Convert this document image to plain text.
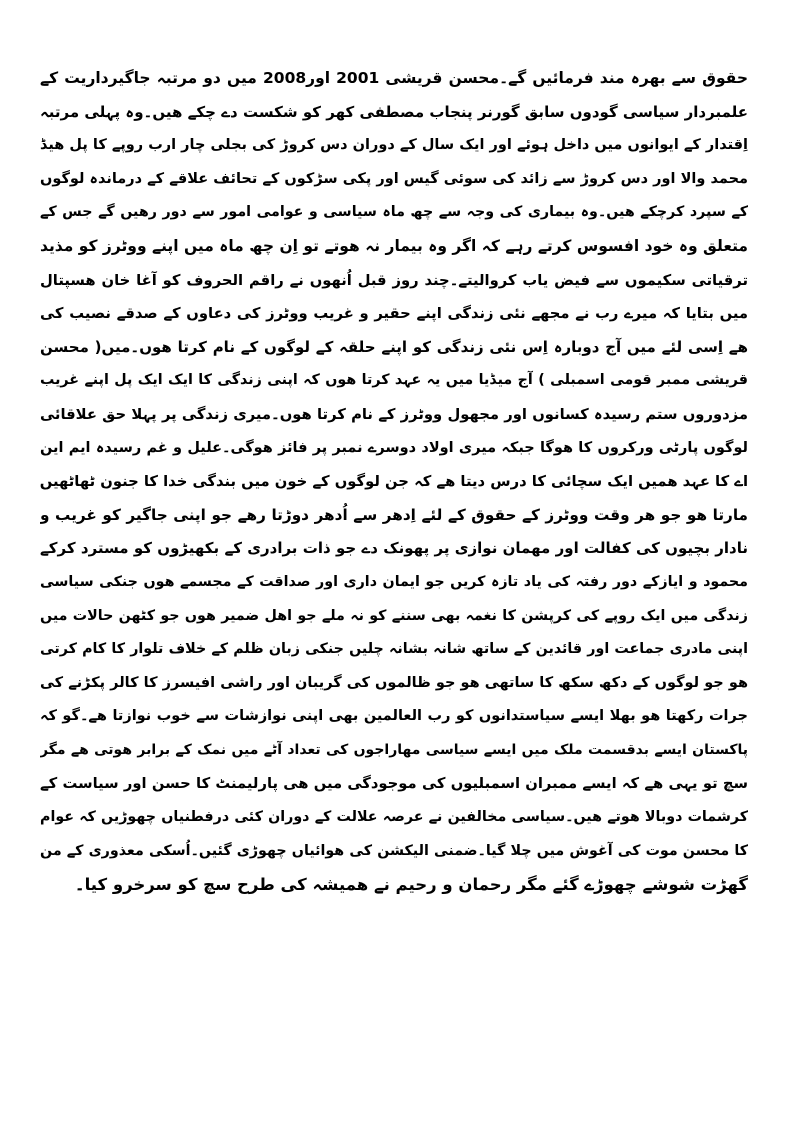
حقوق سے بھرہ مند فرمائیں گے۔محسن قریشی 2001 اور2008 میں دو مرتبہ جاگیرداریت کے
علمبردار سیاسی گودوں سابق گورنر پنجاب مصطفی کھر کو شکست دے چکے ھیں۔وہ پہلی مرتبہ
اِقتدار کے ایوانوں میں داخل ہوئے اور ایک سال کے دوران دس کروڑ کی بجلی چار ارب روپے کا پل ھیڈ
محمد والا اور دس کروڑ سے زائد کی سوئی گیس اور پکی سڑکوں کے تحائف علاقے کے درماندہ لوگوں
کے سپرد کرچکے ھیں۔وہ بیماری کی وجہ سے چھ ماہ سیاسی و عوامی امور سے دور رھیں گے جس کے
متعلق وہ خود افسوس کرتے رہے کہ اگر وہ بیمار نہ ھوتے تو اِن چھ ماہ میں اپنے ووٹرز کو مذید
ترقیاتی سکیموں سے فیض یاب کروالیتے۔چند روز قبل اُنھوں نے راقم الحروف کو آغا خان ھسپتال
میں بتایا کہ میرے رب نے مجھے نئی زندگی اپنے حقیر و غریب ووٹرز کی دعاوں کے صدقے نصیب کی
ھے اِسی لئے میں آج دوبارہ اِس نئی زندگی کو اپنے حلقہ کے لوگوں کے نام کرتا ھوں۔میں( محسن
قریشی ممبر قومی اسمبلی ) آج میڈیا میں یہ عہد کرتا ھوں کہ اپنی زندگی کا ایک ایک پل اپنے غریب
مزدوروں ستم رسیدہ کسانوں اور مجھول ووٹرز کے نام کرتا ھوں۔میری زندگی پر پہلا حق علاقائی
لوگوں پارٹی ورکروں کا ھوگا جبکہ میری اولاد دوسرے نمبر پر فائز ھوگی۔علیل و غم رسیدہ ایم این
اے کا عہد ھمیں ایک سچائی کا درس دیتا ھے کہ جن لوگوں کے خون میں بندگی خدا کا جنون ٹھاٹھیں
مارتا ھو جو ھر وقت ووٹرز کے حقوق کے لئے اِدھر سے اُدھر دوڑتا رھے جو اپنی جاگیر کو غریب و
نادار بچیوں کی کفالت اور مھمان نوازی پر پھونک دے جو ذات برادری کے بکھیڑوں کو مسترد کرکے
محمود و ایازکے دور رفتہ کی یاد تازہ کریں جو ایمان داری اور صداقت کے مجسمے ھوں جنکی سیاسی
زندگی میں ایک روپے کی کرپشن کا نغمہ بھی سننے کو نہ ملے جو اھل ضمیر ھوں جو کٹھن حالات میں
اپنی مادری جماعت اور قائدین کے ساتھ شانہ بشانہ چلیں جنکی زبان ظلم کے خلاف تلوار کا کام کرتی
ھو جو لوگوں کے دکھ سکھ کا ساتھی ھو جو ظالموں کی گریبان اور راشی افیسرز کا کالر پکڑنے کی
جرات رکھتا ھو بھلا ایسے سیاستدانوں کو رب العالمین بھی اپنی نوازشات سے خوب نوازتا ھے۔گو کہ
پاکستان ایسے بدقسمت ملک میں ایسے سیاسی مھاراجوں کی تعداد آٹے میں نمک کے برابر ھوتی ھے مگر
سچ تو یہی ھے کہ ایسے ممبران اسمبلیوں کی موجودگی میں ھی پارلیمنٹ کا حسن اور سیاست کے
کرشمات دوبالا ھوتے ھیں۔سیاسی مخالفین نے عرصہ علالت کے دوران کئی درفطنیاں چھوڑیں کہ عوام
کا محسن موت کی آغوش میں چلا گیا۔ضمنی الیکشن کی ھوائیاں چھوڑی گئیں۔اُسکی معذوری کے من
گھڑت شوشے چھوڑے گئے مگر رحمان و رحیم نے ھمیشہ کی طرح سچ کو سرخرو کیا۔
